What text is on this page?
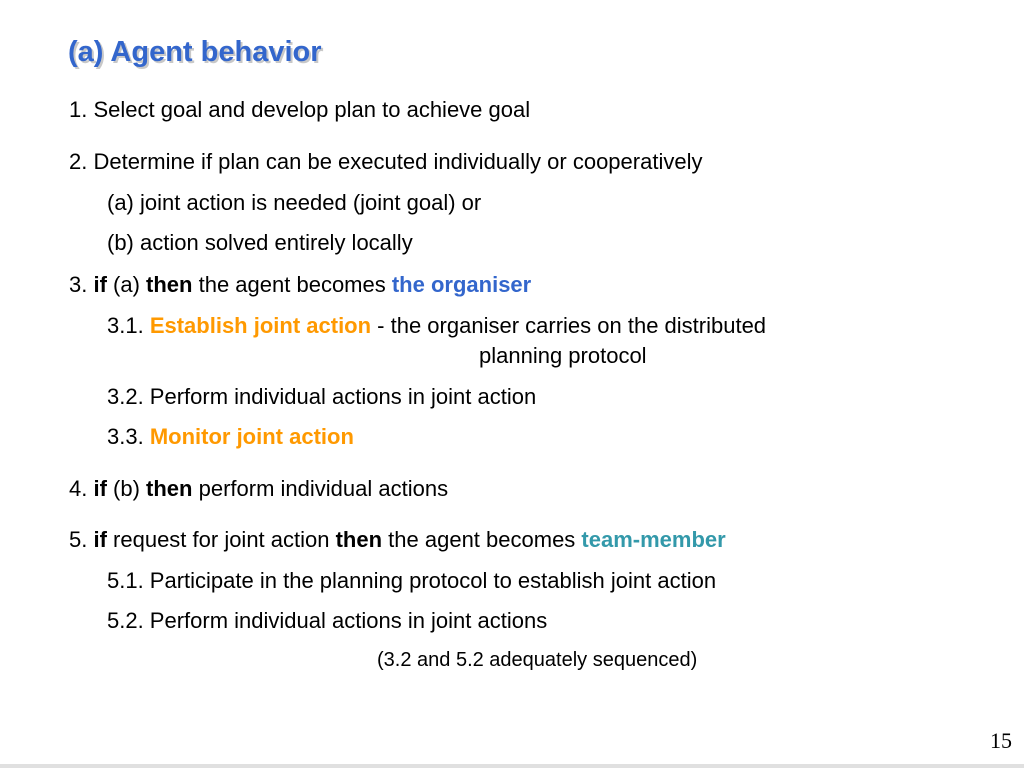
(a) Agent behavior
1. Select goal and develop plan to achieve goal
2. Determine if plan can be executed individually or cooperatively
(a) joint action is needed (joint goal) or
(b) action solved entirely locally
3. if (a) then the agent becomes the organiser
3.1. Establish joint action - the organiser carries on the distributed
planning protocol
3.2. Perform individual actions in joint action
3.3. Monitor joint action
4. if (b) then perform individual actions
5. if request for joint action then the agent becomes team-member
5.1. Participate in the planning protocol to establish joint action
5.2. Perform individual actions in joint actions
(3.2 and 5.2 adequately sequenced)
15
